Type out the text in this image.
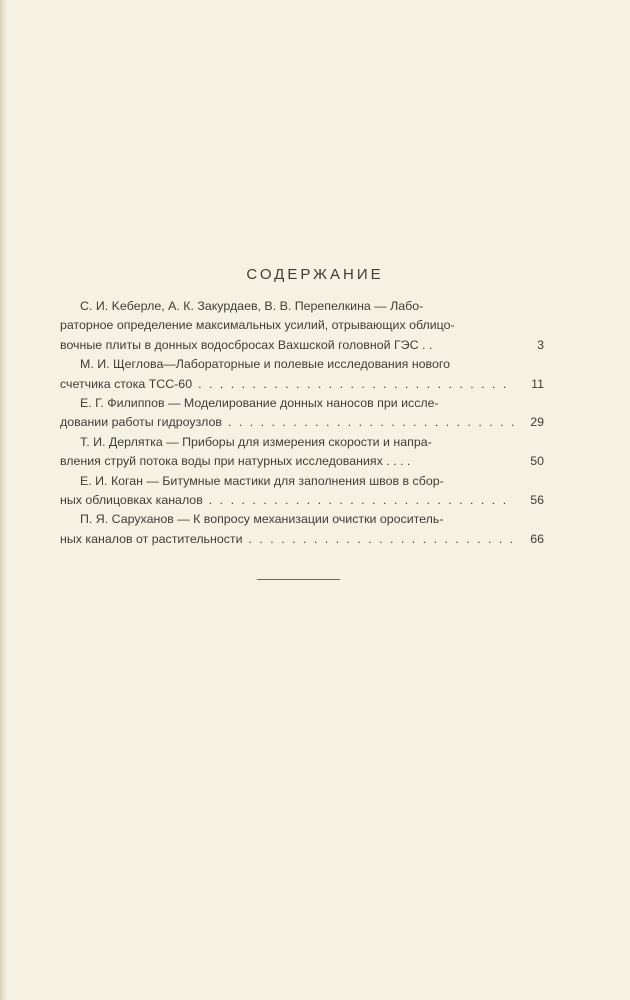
СОДЕРЖАНИЕ
С. И. Keберле, А. К. Закурдаев, В. В. Перепелкина — Лабо-
раторное определение максимальных усилий, отрывающих облицо-
вочные плиты в донных водосбросах Вахшской головной ГЭС . .	3
М. И. Щеглова—Лабораторные и полевые исследования нового
счетчика стока ТСС-60 . . .	11
Е. Г. Филиппов — Моделирование донных наносов при иссле-
довании работы гидроузлов . . .	29
Т. И. Дерлятка — Приборы для измерения скорости и напра-
вления струй потока воды при натурных исследованиях . . . .	50
Е. И. Коган — Битумные мастики для заполнения швов в сбор-
ных облицовках каналов . . .	56
П. Я. Саруханов — К вопросу механизации очистки ороситель-
ных каналов от растительности . . .	66
